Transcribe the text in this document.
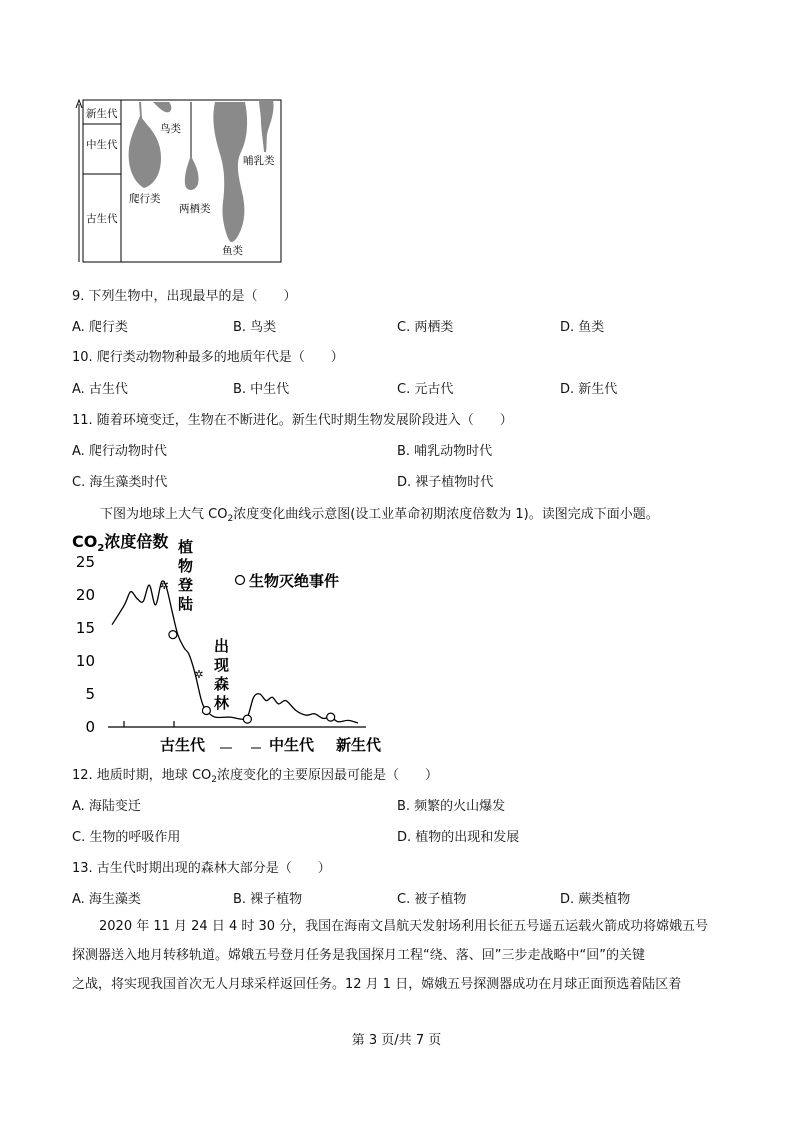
新生代
中生代
古生代
鸟类
爬行类
两栖类
哺乳类
鱼类
9. 下列生物中，出现最早的是（　　）
A. 爬行类	B. 鸟类	C. 两栖类	D. 鱼类
10. 爬行类动物物种最多的地质年代是（　　）
A. 古生代	B. 中生代	C. 元古代	D. 新生代
11. 随着环境变迁，生物在不断进化。新生代时期生物发展阶段进入（　　）
A. 爬行动物时代	B. 哺乳动物时代
C. 海生藻类时代	D. 裸子植物时代
下图为地球上大气 $CO_2$浓度变化曲线示意图(设工业革命初期浓度倍数为 1)。读图完成下面小题。
$CO_2$浓度倍数
25
20
15
10
5
0
✲
✲
植物登陆
出现森林
生物灭绝事件
古生代	中生代 新生代
12. 地质时期，地球 $CO_2$浓度变化的主要原因最可能是（　　）
A. 海陆变迁	B. 频繁的火山爆发
C. 生物的呼吸作用	D. 植物的出现和发展
13. 古生代时期出现的森林大部分是（　　）
A. 海生藻类	B. 裸子植物	C. 被子植物	D. 蕨类植物
2020 年 11 月 24 日 4 时 30 分，我国在海南文昌航天发射场利用长征五号遥五运载火箭成功将嫦娥五号
探测器送入地月转移轨道。嫦娥五号登月任务是我国探月工程“绕、落、回”三步走战略中“回”的关键
之战，将实现我国首次无人月球采样返回任务。12 月 1 日，嫦娥五号探测器成功在月球正面预选着陆区着
第 3 页/共 7 页
